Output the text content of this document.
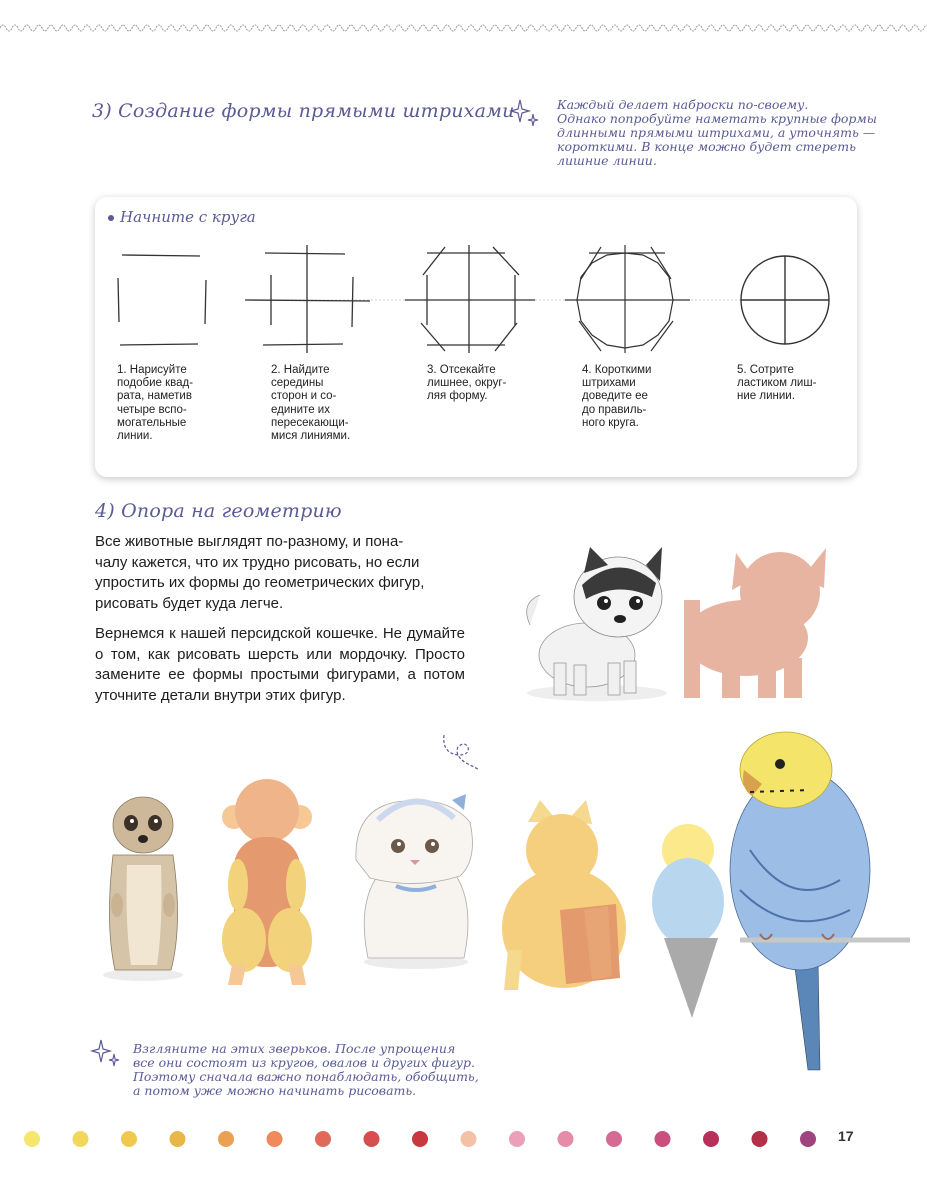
3) Создание формы прямыми штрихами	Каждый делает наброски по-своему.
Однако попробуйте наметать крупные формы
длинными прямыми штрихами, а уточнять —
короткими. В конце можно будет стереть
лишние линии.
Начните с круга
1. Нарисуйте
подобие квад-
рата, наметив
четыре вспо-
могательные
линии.
2. Найдите
середины
сторон и со-
едините их
пересекающи-
мися линиями.
3. Отсекайте
лишнее, округ-
ляя форму.
4. Короткими
штрихами
доведите ее
до правиль-
ного круга.
5. Сотрите
ластиком лиш-
ние линии.
4) Опора на геометрию

Все животные выглядят по-разному, и пона-
чалу кажется, что их трудно рисовать, но если
упростить их формы до геометрических фигур,
рисовать будет куда легче.

Вернемся к нашей персидской кошечке. Не думайте о том, как рисовать шерсть или мордочку. Просто замените ее формы простыми фигурами, а потом уточните детали внутри этих фигур.

Взгляните на этих зверьков. После упрощения
все они состоят из кругов, овалов и других фигур.
Поэтому сначала важно понаблюдать, обобщить,
а потом уже можно начинать рисовать.
17
